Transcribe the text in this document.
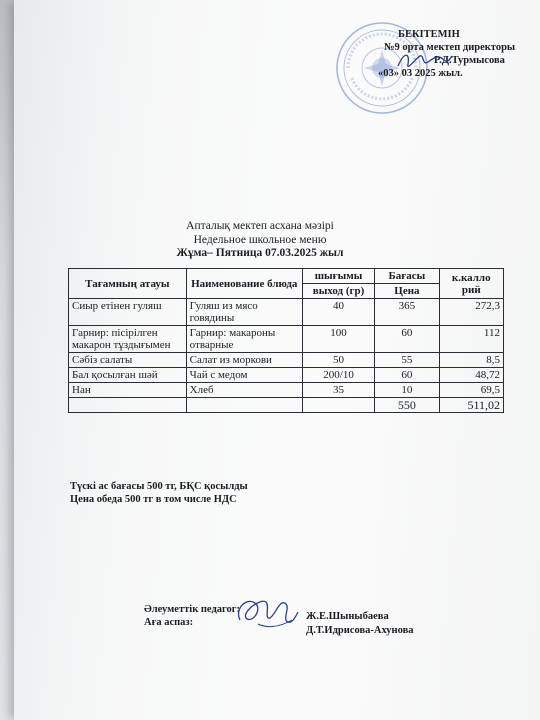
БЕКІТЕМІН
№9 орта мектеп директоры
Р.Д.Турмысова
«03» 03 2025 жыл.
Апталық мектеп асхана мәзірі
Недельное школьное меню
Жұма– Пятница 07.03.2025 жыл
Тағамның атауы	Наименование блюда	шығымы	Бағасы	к.калло рий
		выход (гр)	Цена	
Сиыр етінен гуляш	Гуляш из мясо говядины	40	365	272,3
Гарнир: пісірілген макарон тұздығымен	Гарнир: макароны отварные	100	60	112
Сәбіз салаты	Салат из моркови	50	55	8,5
Бал қосылған шәй	Чай с медом	200/10	60	48,72
Нан	Хлеб	35	10	69,5
			550	511,02
Түскі ас бағасы 500 тг, БҚС қосылды
Цена обеда 500 тг в том числе НДС
Әлеуметтік педагог:
Аға аспаз:
Ж.Е.Шыныбаева
Д.Т.Идрисова-Ахунова
